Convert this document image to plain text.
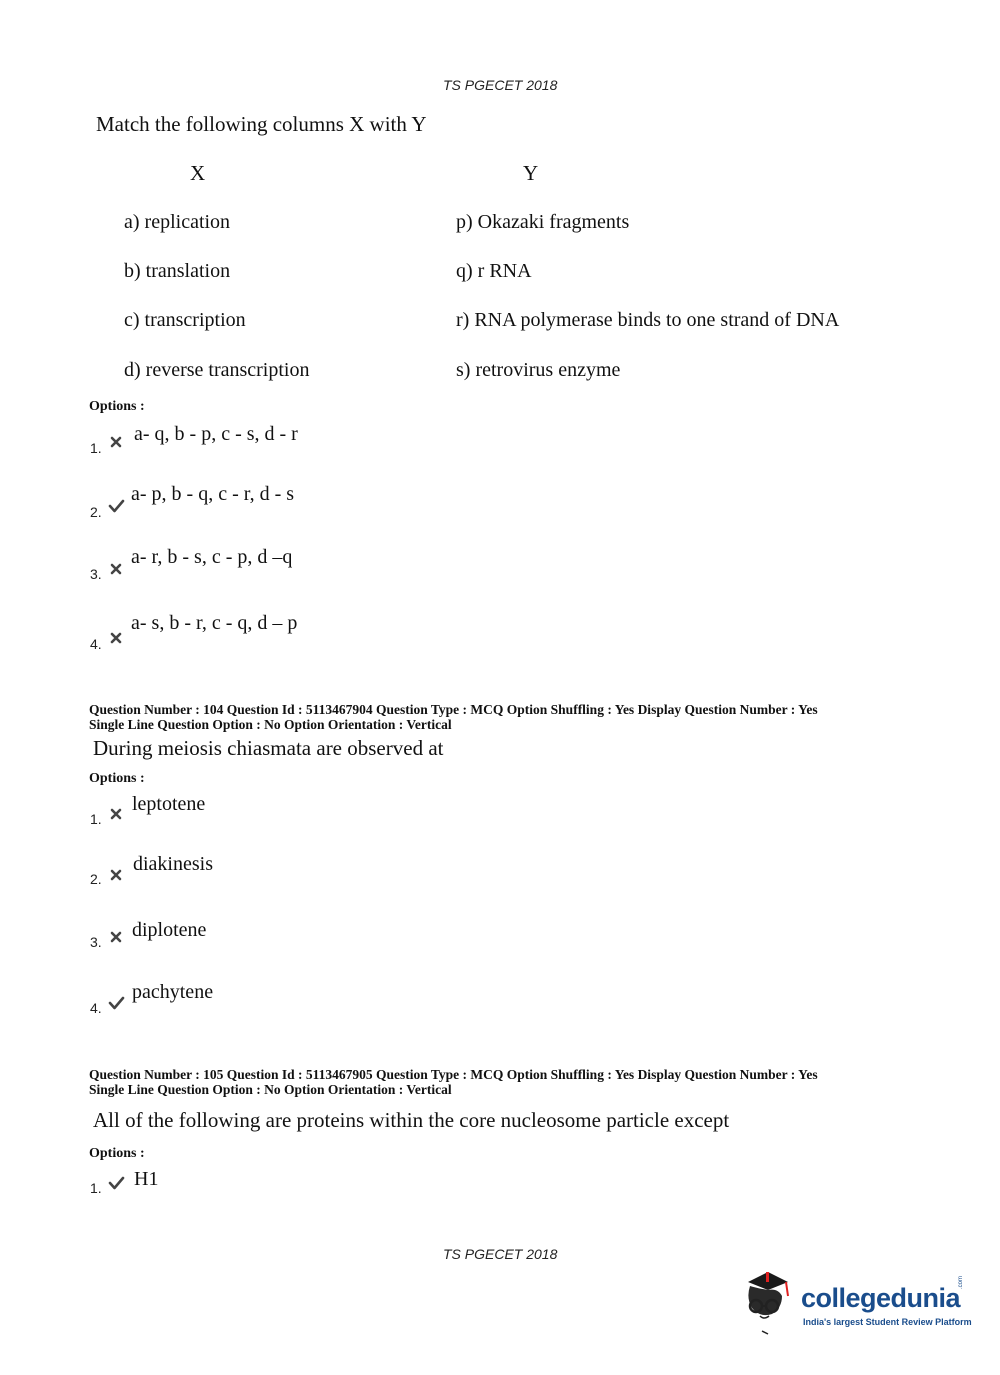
TS PGECET 2018
Match the following columns X with Y
X	Y
a) replication	p) Okazaki fragments
b) translation	q) r RNA
c) transcription	r) RNA polymerase binds to one strand of DNA
d) reverse transcription	s) retrovirus enzyme
Options :
1.
a- q, b - p, c - s, d - r
2.
a- p, b - q, c - r, d - s
3.
a- r, b - s, c - p, d –q
4.
a- s, b - r, c - q, d – p
Question Number : 104 Question Id : 5113467904 Question Type : MCQ Option Shuffling : Yes Display Question Number : Yes
Single Line Question Option : No Option Orientation : Vertical
During meiosis chiasmata are observed at
Options :
1.
leptotene
2.
diakinesis
3.
diplotene
4.
pachytene
Question Number : 105 Question Id : 5113467905 Question Type : MCQ Option Shuffling : Yes Display Question Number : Yes
Single Line Question Option : No Option Orientation : Vertical
All of the following are proteins within the core nucleosome particle except
Options :
1. H1
TS PGECET 2018
collegedunia
.com
India's largest Student Review Platform
